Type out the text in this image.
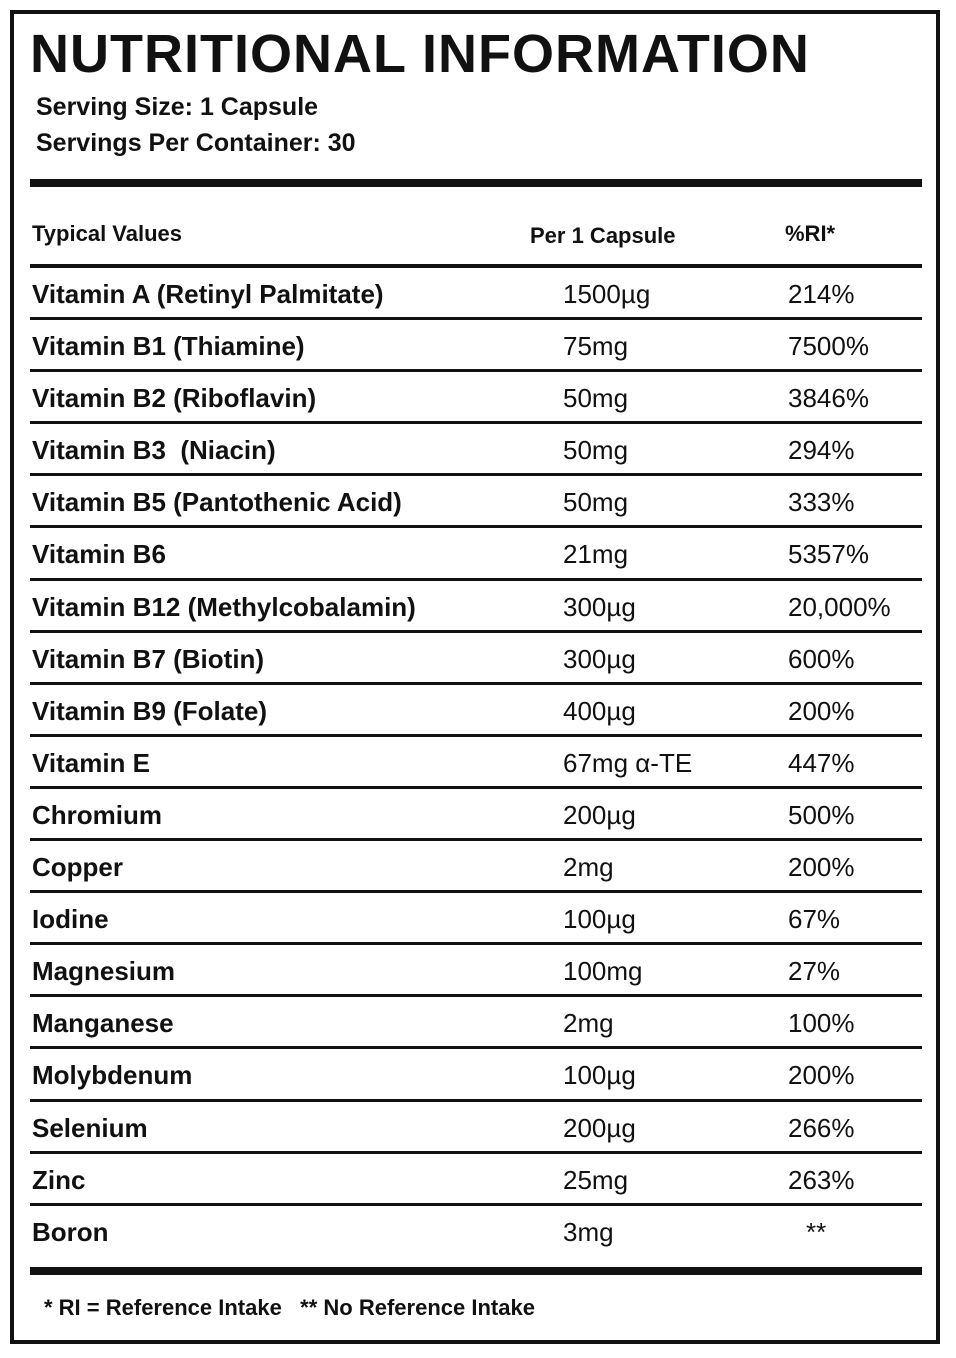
NUTRITIONAL INFORMATION
Serving Size: 1 Capsule
Servings Per Container: 30
Typical Values	Per 1 Capsule	%RI*
Vitamin A (Retinyl Palmitate)	1500µg	214%
Vitamin B1 (Thiamine)	75mg	7500%
Vitamin B2 (Riboflavin)	50mg	3846%
Vitamin B3  (Niacin)	50mg	294%
Vitamin B5 (Pantothenic Acid)	50mg	333%
Vitamin B6	21mg	5357%
Vitamin B12 (Methylcobalamin)	300µg	20,000%
Vitamin B7 (Biotin)	300µg	600%
Vitamin B9 (Folate)	400µg	200%
Vitamin E	67mg α-TE	447%
Chromium	200µg	500%
Copper	2mg	200%
Iodine	100µg	67%
Magnesium	100mg	27%
Manganese	2mg	100%
Molybdenum	100µg	200%
Selenium	200µg	266%
Zinc	25mg	263%
Boron	3mg	**
* RI = Reference Intake   ** No Reference Intake
